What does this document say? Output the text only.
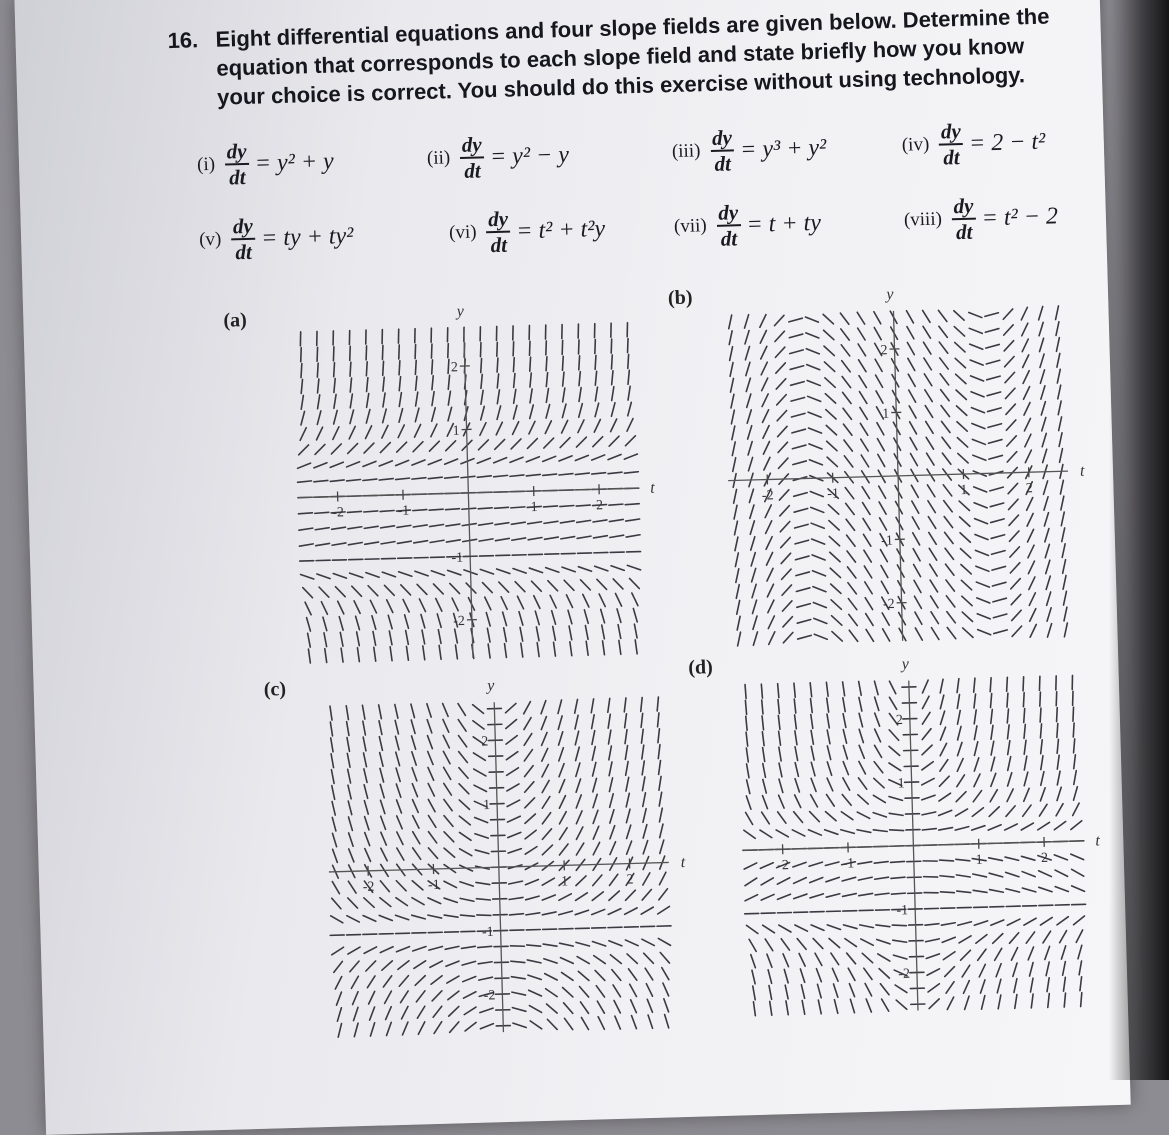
16. Eight differential equations and four slope fields are given below. Determine the equation that corresponds to each slope field and state briefly how you know your choice is correct. You should do this exercise without using technology.
$(i) \frac{dy}{dt} = y^2 + y$	$(ii) \frac{dy}{dt} = y^2 - y$	$(iii) \frac{dy}{dt} = y^3 + y^2$	$(iv) \frac{dy}{dt} = 2 - t^2$
$(v) \frac{dy}{dt}$ = ty + ty²	$(vi) \frac{dy}{dt} = t^2 + t^2y$	$(vii) \frac{dy}{dt} = t$ + ty	(viii) $\frac{dy}{dt} = t^2 - 2$
(a)
(b)
(c)
(d)
y
t
2
1
-1
-2
-2	-1	1	2
y
t
2
1
-1
-2
-2	-1	1	2
y
t
2
1
-1
-2
-2	-1	1	2
y
t
2
1
-1
-2
-2	-1	1	2
